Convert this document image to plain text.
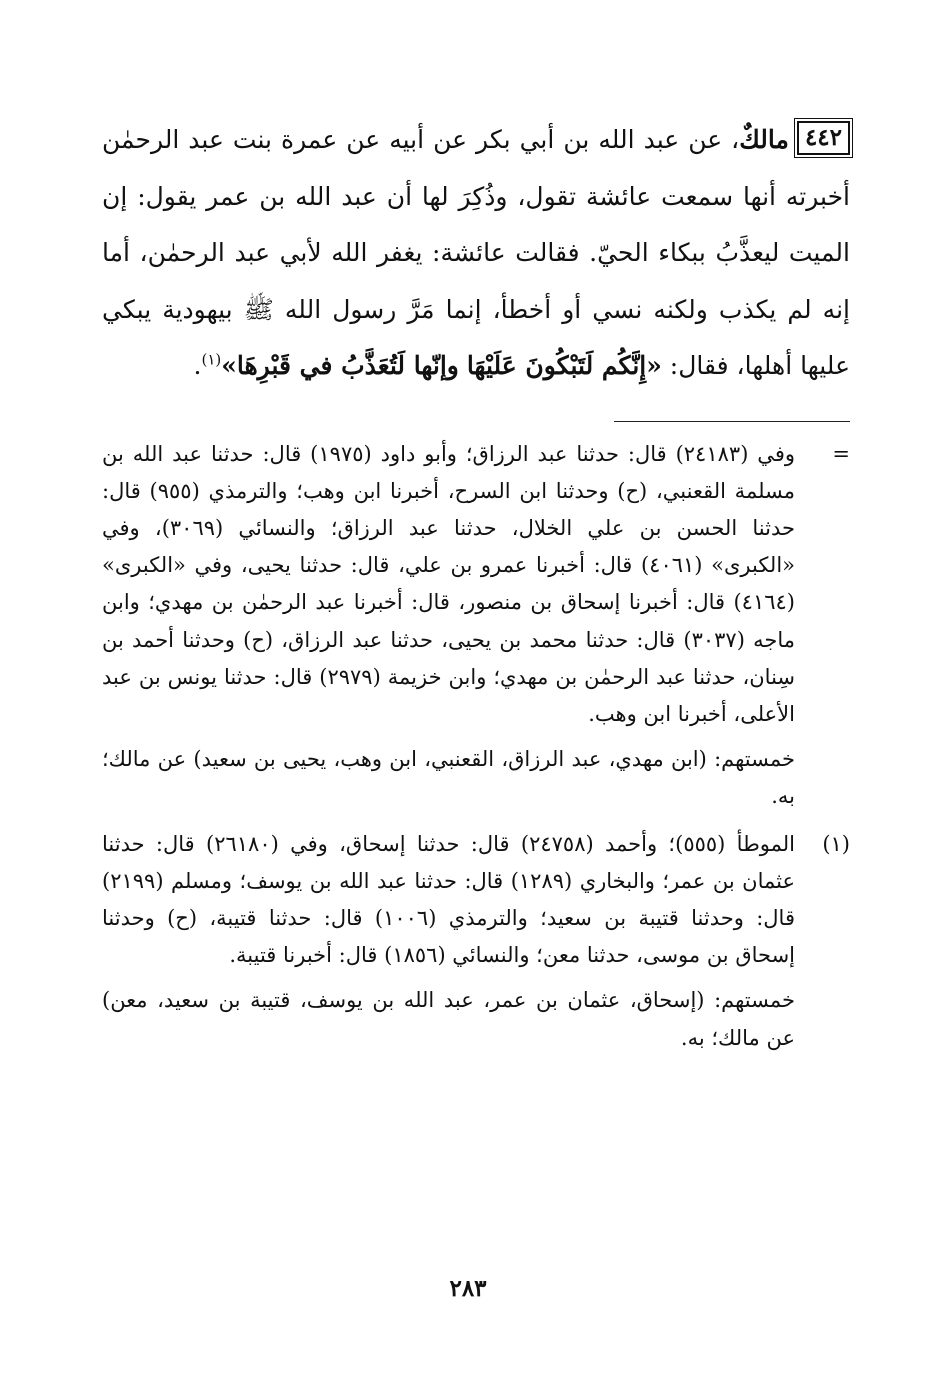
٤٤٢مالكٌ، عن عبد الله بن أبي بكر عن أبيه عن عمرة بنت عبد الرحمٰن أخبرته أنها سمعت عائشة تقول، وذُكِرَ لها أن عبد الله بن عمر يقول: إن الميت ليعذَّبُ ببكاء الحيّ. فقالت عائشة: يغفر الله لأبي عبد الرحمٰن، أما إنه لم يكذب ولكنه نسي أو أخطأ، إنما مَرَّ رسول الله ﷺ بيهودية يبكي عليها أهلها، فقال: «إِنَّكُم لَتَبْكُونَ عَلَيْهَا وإنّها لَتُعَذَّبُ في قَبْرِهَا»$^{(١)}$.
=
وفي (٢٤١٨٣) قال: حدثنا عبد الرزاق؛ وأبو داود (١٩٧٥) قال: حدثنا عبد الله بن مسلمة القعنبي، (ح) وحدثنا ابن السرح، أخبرنا ابن وهب؛ والترمذي (٩٥٥) قال: حدثنا الحسن بن علي الخلال، حدثنا عبد الرزاق؛ والنسائي (٣٠٦٩)، وفي «الكبرى» (٤٠٦١) قال: أخبرنا عمرو بن علي، قال: حدثنا يحيى، وفي «الكبرى» (٤١٦٤) قال: أخبرنا إسحاق بن منصور، قال: أخبرنا عبد الرحمٰن بن مهدي؛ وابن ماجه (٣٠٣٧) قال: حدثنا محمد بن يحيى، حدثنا عبد الرزاق، (ح) وحدثنا أحمد بن سِنان، حدثنا عبد الرحمٰن بن مهدي؛ وابن خزيمة (٢٩٧٩) قال: حدثنا يونس بن عبد الأعلى، أخبرنا ابن وهب.
خمستهم: (ابن مهدي، عبد الرزاق، القعنبي، ابن وهب، يحيى بن سعيد) عن مالك؛ به.
(١)
الموطأ (٥٥٥)؛ وأحمد (٢٤٧٥٨) قال: حدثنا إسحاق، وفي (٢٦١٨٠) قال: حدثنا عثمان بن عمر؛ والبخاري (١٢٨٩) قال: حدثنا عبد الله بن يوسف؛ ومسلم (٢١٩٩) قال: وحدثنا قتيبة بن سعيد؛ والترمذي (١٠٠٦) قال: حدثنا قتيبة، (ح) وحدثنا إسحاق بن موسى، حدثنا معن؛ والنسائي (١٨٥٦) قال: أخبرنا قتيبة.
خمستهم: (إسحاق، عثمان بن عمر، عبد الله بن يوسف، قتيبة بن سعيد، معن) عن مالك؛ به.
٢٨٣
